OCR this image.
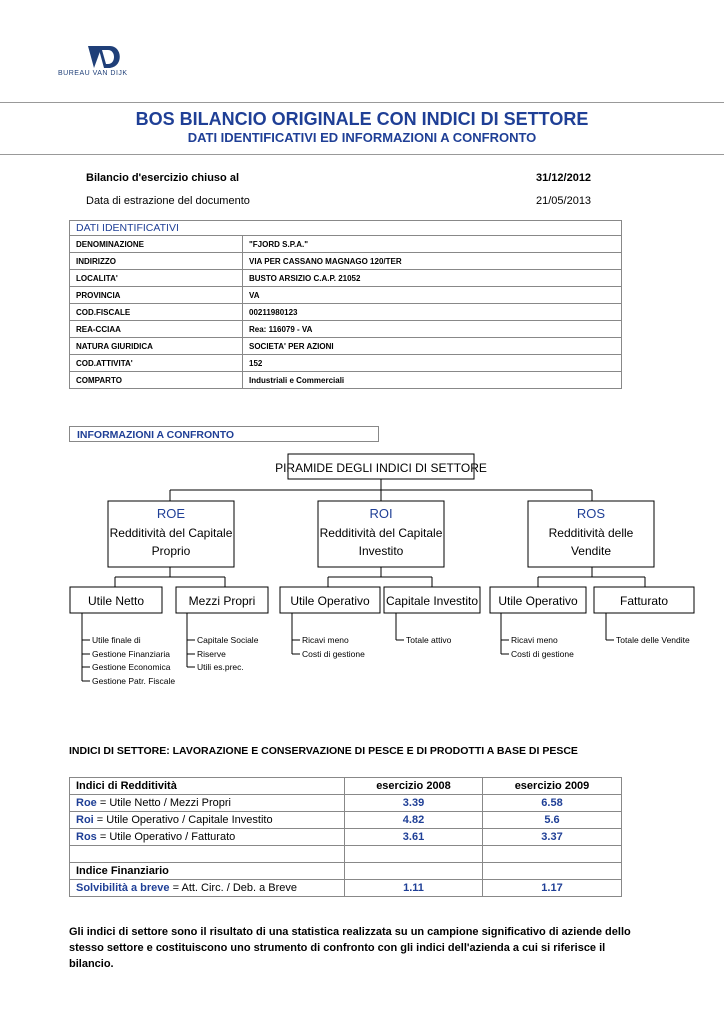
BUREAU VAN DIJK
BOS BILANCIO ORIGINALE CON INDICI DI SETTORE
DATI IDENTIFICATIVI ED INFORMAZIONI A CONFRONTO
Bilancio d'esercizio chiuso al	31/12/2012
Data di estrazione del documento	21/05/2013
DATI IDENTIFICATIVI	
DENOMINAZIONE	"FJORD S.P.A."
INDIRIZZO	VIA PER CASSANO MAGNAGO 120/TER
LOCALITA'	BUSTO ARSIZIO C.A.P. 21052
PROVINCIA	VA
COD.FISCALE	00211980123
REA-CCIAA	Rea: 116079 - VA
NATURA GIURIDICA	SOCIETA' PER AZIONI
COD.ATTIVITA'	152
COMPARTO	Industriali e Commerciali
INFORMAZIONI A CONFRONTO
PIRAMIDE DEGLI INDICI DI SETTORE
ROE
Redditività del Capitale
Proprio
ROI
Redditività del Capitale
Investito
ROS
Redditività delle
Vendite
Utile Netto	Mezzi Propri	Utile Operativo Capitale Investito Utile Operativo	Fatturato
Utile finale di
Gestione Finanziaria
Gestione Economica
Gestione Patr. Fiscale
Capitale Sociale
Riserve
Utili es.prec.
Ricavi meno
Costi di gestione
Totale attivo	Ricavi meno
Costi di gestione
Totale delle Vendite
INDICI DI SETTORE: LAVORAZIONE E CONSERVAZIONE DI PESCE E DI PRODOTTI A BASE DI PESCE
Indici di Redditività	esercizio 2008	esercizio 2009
Roe = Utile Netto / Mezzi Propri	3.39	6.58
Roi = Utile Operativo / Capitale Investito	4.82	5.6
Ros = Utile Operativo / Fatturato	3.61	3.37

Indice Finanziario		
Solvibilità a breve = Att. Circ. / Deb. a Breve	1.11	1.17
Gli indici di settore sono il risultato di una statistica realizzata su un campione significativo di aziende dello stesso settore e costituiscono uno strumento di confronto con gli indici dell'azienda a cui si riferisce il bilancio.
